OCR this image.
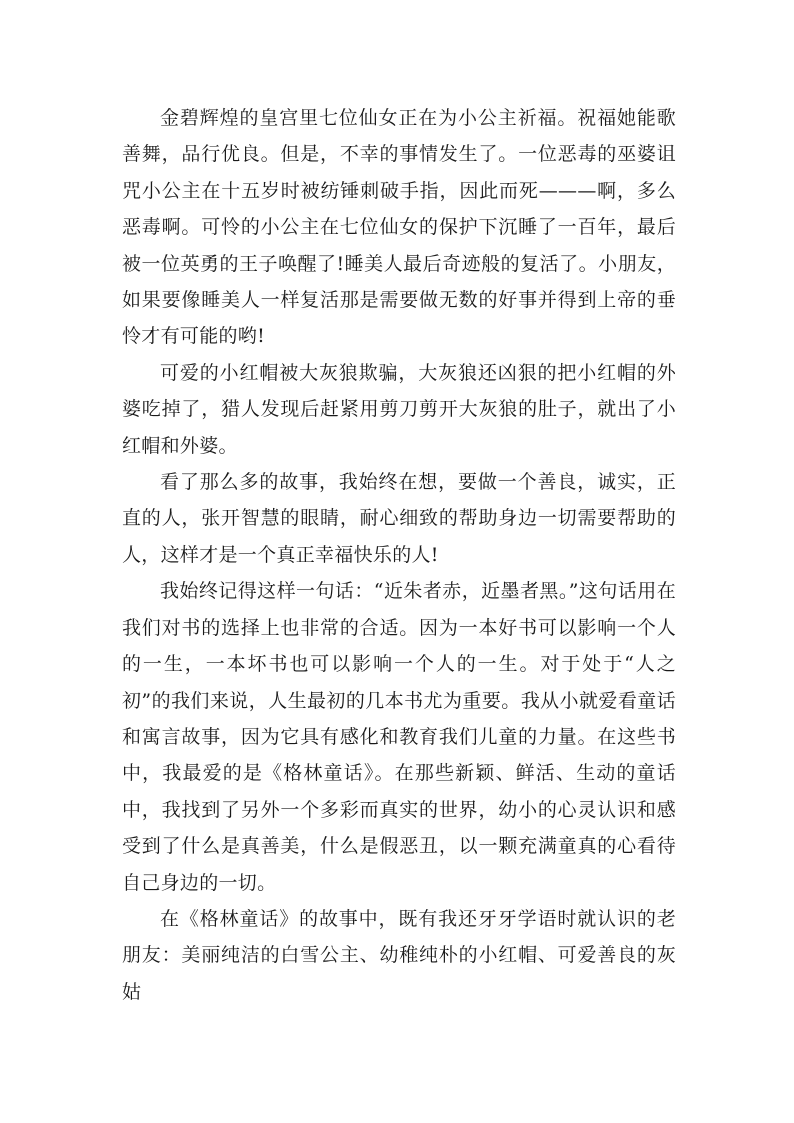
金碧辉煌的皇宫里七位仙女正在为小公主祈福。祝福她能歌善舞，品行优良。但是，不幸的事情发生了。一位恶毒的巫婆诅咒小公主在十五岁时被纺锤刺破手指，因此而死———啊，多么恶毒啊。可怜的小公主在七位仙女的保护下沉睡了一百年，最后被一位英勇的王子唤醒了!睡美人最后奇迹般的复活了。小朋友，如果要像睡美人一样复活那是需要做无数的好事并得到上帝的垂怜才有可能的哟!

可爱的小红帽被大灰狼欺骗，大灰狼还凶狠的把小红帽的外婆吃掉了，猎人发现后赶紧用剪刀剪开大灰狼的肚子，就出了小红帽和外婆。

看了那么多的故事，我始终在想，要做一个善良，诚实，正直的人，张开智慧的眼睛，耐心细致的帮助身边一切需要帮助的人，这样才是一个真正幸福快乐的人!

我始终记得这样一句话：“近朱者赤，近墨者黑。”这句话用在我们对书的选择上也非常的合适。因为一本好书可以影响一个人的一生，一本坏书也可以影响一个人的一生。对于处于“人之初”的我们来说，人生最初的几本书尤为重要。我从小就爱看童话和寓言故事，因为它具有感化和教育我们儿童的力量。在这些书中，我最爱的是《格林童话》。在那些新颖、鲜活、生动的童话中，我找到了另外一个多彩而真实的世界，幼小的心灵认识和感受到了什么是真善美，什么是假恶丑，以一颗充满童真的心看待自己身边的一切。

在《格林童话》的故事中，既有我还牙牙学语时就认识的老朋友：美丽纯洁的白雪公主、幼稚纯朴的小红帽、可爱善良的灰姑
